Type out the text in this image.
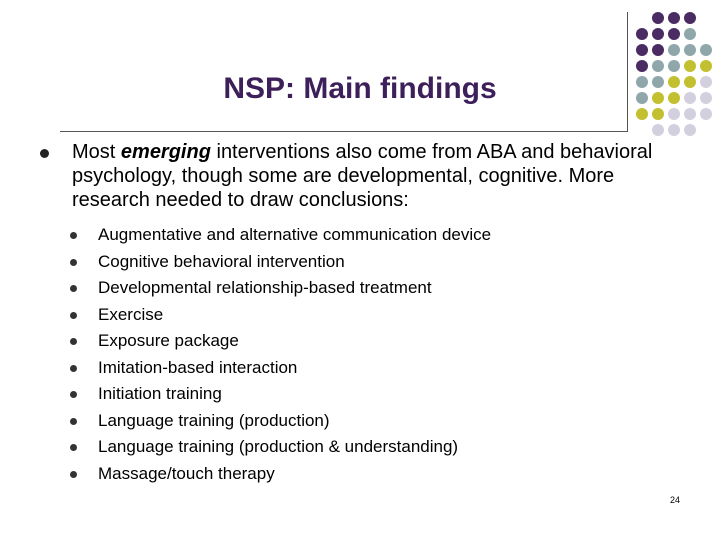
NSP: Main findings
Most emerging interventions also come from ABA and behavioral psychology, though some are developmental, cognitive. More research needed to draw conclusions:
Augmentative and alternative communication device
Cognitive behavioral intervention
Developmental relationship-based treatment
Exercise
Exposure package
Imitation-based interaction
Initiation training
Language training (production)
Language training (production & understanding)
Massage/touch therapy
24
